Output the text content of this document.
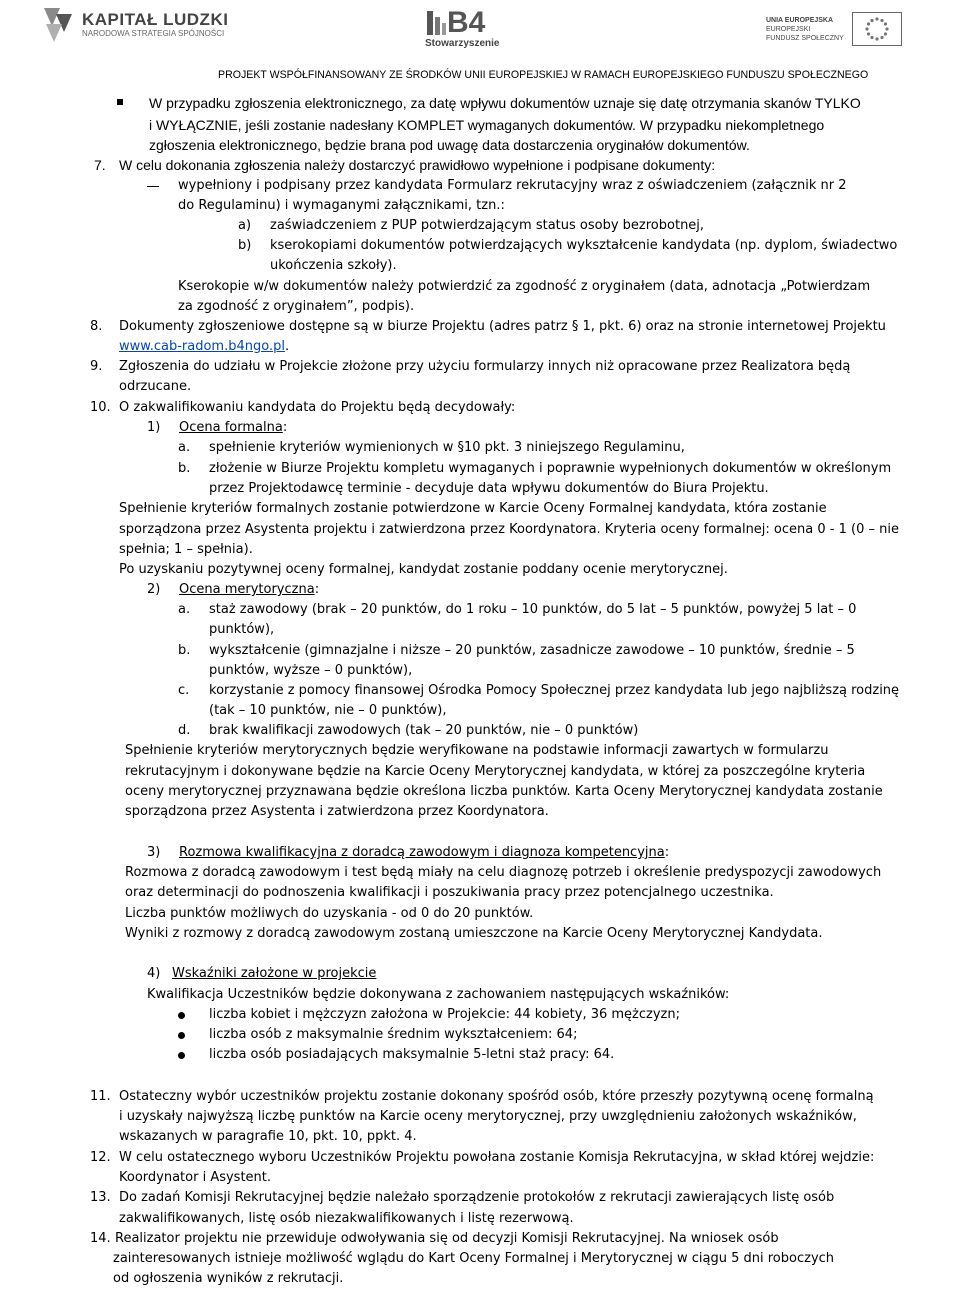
KAPITAŁ LUDZKI
NARODOWA STRATEGIA SPÓJNOŚCI	B4
Stowarzyszenie
UNIA EUROPEJSKA
EUROPEJSKI
FUNDUSZ SPOŁECZNY
PROJEKT WSPÓŁFINANSOWANY ZE ŚRODKÓW UNII EUROPEJSKIEJ W RAMACH EUROPEJSKIEGO FUNDUSZU SPOŁECZNEGO
W przypadku zgłoszenia elektronicznego, za datę wpływu dokumentów uznaje się datę otrzymania skanów TYLKO
i WYŁĄCZNIE, jeśli zostanie nadesłany KOMPLET wymaganych dokumentów. W przypadku niekompletnego
zgłoszenia elektronicznego, będzie brana pod uwagę data dostarczenia oryginałów dokumentów.
7. W celu dokonania zgłoszenia należy dostarczyć prawidłowo wypełnione i podpisane dokumenty:
wypełniony i podpisany przez kandydata Formularz rekrutacyjny wraz z oświadczeniem (załącznik nr 2
do Regulaminu) i wymaganymi załącznikami, tzn.:
a) zaświadczeniem z PUP potwierdzającym status osoby bezrobotnej,
b) kserokopiami dokumentów potwierdzających wykształcenie kandydata (np. dyplom, świadectwo
ukończenia szkoły).
Kserokopie w/w dokumentów należy potwierdzić za zgodność z oryginałem (data, adnotacja „Potwierdzam
za zgodność z oryginałem”, podpis).
8. Dokumenty zgłoszeniowe dostępne są w biurze Projektu (adres patrz § 1, pkt. 6) oraz na stronie internetowej Projektu
www.cab-radom.b4ngo.pl.
9. Zgłoszenia do udziału w Projekcie złożone przy użyciu formularzy innych niż opracowane przez Realizatora będą
odrzucane.
10. O zakwalifikowaniu kandydata do Projektu będą decydowały:
1) Ocena formalna:
a. spełnienie kryteriów wymienionych w §10 pkt. 3 niniejszego Regulaminu,
b. złożenie w Biurze Projektu kompletu wymaganych i poprawnie wypełnionych dokumentów w określonym
przez Projektodawcę terminie - decyduje data wpływu dokumentów do Biura Projektu.
Spełnienie kryteriów formalnych zostanie potwierdzone w Karcie Oceny Formalnej kandydata, która zostanie
sporządzona przez Asystenta projektu i zatwierdzona przez Koordynatora. Kryteria oceny formalnej: ocena 0 - 1 (0 – nie
spełnia; 1 – spełnia).
Po uzyskaniu pozytywnej oceny formalnej, kandydat zostanie poddany ocenie merytorycznej.
2) Ocena merytoryczna:
a. staż zawodowy (brak – 20 punktów, do 1 roku – 10 punktów, do 5 lat – 5 punktów, powyżej 5 lat – 0
punktów),
b. wykształcenie (gimnazjalne i niższe – 20 punktów, zasadnicze zawodowe – 10 punktów, średnie – 5
punktów, wyższe – 0 punktów),
c. korzystanie z pomocy finansowej Ośrodka Pomocy Społecznej przez kandydata lub jego najbliższą rodzinę
(tak – 10 punktów, nie – 0 punktów),
d. brak kwalifikacji zawodowych (tak – 20 punktów, nie – 0 punktów)
Spełnienie kryteriów merytorycznych będzie weryfikowane na podstawie informacji zawartych w formularzu
rekrutacyjnym i dokonywane będzie na Karcie Oceny Merytorycznej kandydata, w której za poszczególne kryteria
oceny merytorycznej przyznawana będzie określona liczba punktów. Karta Oceny Merytorycznej kandydata zostanie
sporządzona przez Asystenta i zatwierdzona przez Koordynatora.
3) Rozmowa kwalifikacyjna z doradcą zawodowym i diagnoza kompetencyjna:
Rozmowa z doradcą zawodowym i test będą miały na celu diagnozę potrzeb i określenie predyspozycji zawodowych
oraz determinacji do podnoszenia kwalifikacji i poszukiwania pracy przez potencjalnego uczestnika.
Liczba punktów możliwych do uzyskania - od 0 do 20 punktów.
Wyniki z rozmowy z doradcą zawodowym zostaną umieszczone na Karcie Oceny Merytorycznej Kandydata.
4) Wskaźniki założone w projekcie
Kwalifikacja Uczestników będzie dokonywana z zachowaniem następujących wskaźników:
liczba kobiet i mężczyzn założona w Projekcie: 44 kobiety, 36 mężczyzn;
liczba osób z maksymalnie średnim wykształceniem: 64;
liczba osób posiadających maksymalnie 5-letni staż pracy: 64.
11. Ostateczny wybór uczestników projektu zostanie dokonany spośród osób, które przeszły pozytywną ocenę formalną
i uzyskały najwyższą liczbę punktów na Karcie oceny merytorycznej, przy uwzględnieniu założonych wskaźników,
wskazanych w paragrafie 10, pkt. 10, ppkt. 4.
12. W celu ostatecznego wyboru Uczestników Projektu powołana zostanie Komisja Rekrutacyjna, w skład której wejdzie:
Koordynator i Asystent.
13. Do zadań Komisji Rekrutacyjnej będzie należało sporządzenie protokołów z rekrutacji zawierających listę osób
zakwalifikowanych, listę osób niezakwalifikowanych i listę rezerwową.
14. Realizator projektu nie przewiduje odwoływania się od decyzji Komisji Rekrutacyjnej. Na wniosek osób
zainteresowanych istnieje możliwość wglądu do Kart Oceny Formalnej i Merytorycznej w ciągu 5 dni roboczych
od ogłoszenia wyników z rekrutacji.
